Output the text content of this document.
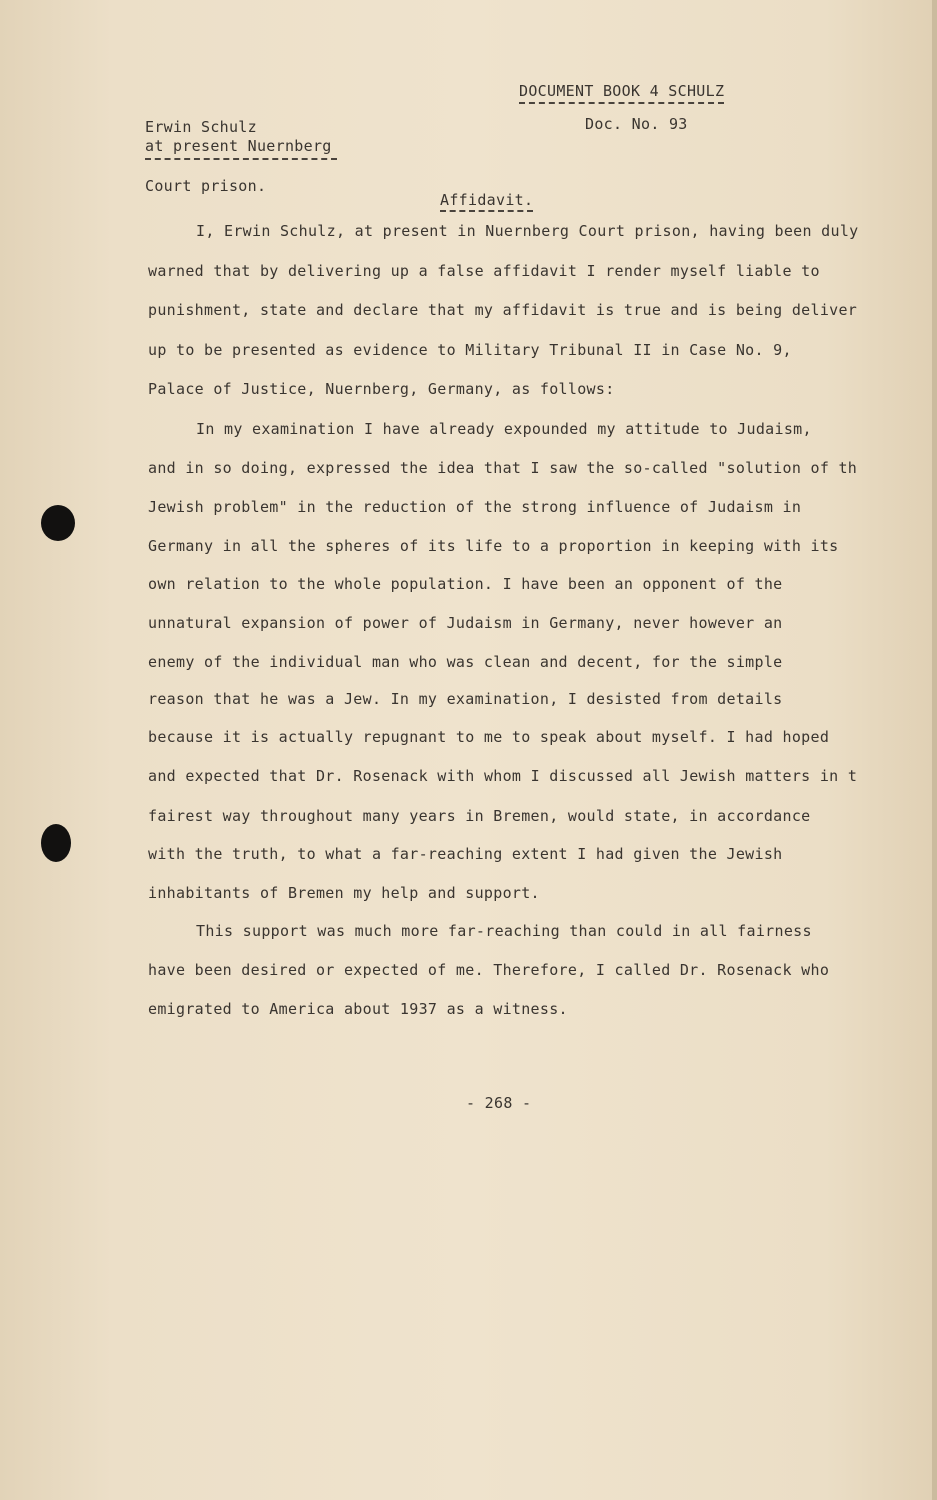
DOCUMENT BOOK 4 SCHULZ
Doc. No. 93
Erwin Schulz
at present Nuernberg
Court prison.
Affidavit.
I, Erwin Schulz, at present in Nuernberg Court prison, having been duly
warned that by delivering up a false affidavit I render myself liable to
punishment, state and declare that my affidavit is true and is being deliver
up to be presented as evidence to Military Tribunal II in Case No. 9,
Palace of Justice, Nuernberg, Germany, as follows:
In my examination I have already expounded my attitude to Judaism,
and in so doing, expressed the idea that I saw the so-called "solution of th
Jewish problem" in the reduction of the strong influence of Judaism in
Germany in all the spheres of its life to a proportion in keeping with its
own relation to the whole population. I have been an opponent of the
unnatural expansion of power of Judaism in Germany, never however an
enemy of the individual man who was clean and decent, for the simple
reason that he was a Jew. In my examination, I desisted from details
because it is actually repugnant to me to speak about myself. I had hoped
and expected that Dr. Rosenack with whom I discussed all Jewish matters in t
fairest way throughout many years in Bremen, would state, in accordance
with the truth, to what a far-reaching extent I had given the Jewish
inhabitants of Bremen my help and support.
This support was much more far-reaching than could in all fairness
have been desired or expected of me. Therefore, I called Dr. Rosenack who
emigrated to America about 1937 as a witness.
- 268 -
